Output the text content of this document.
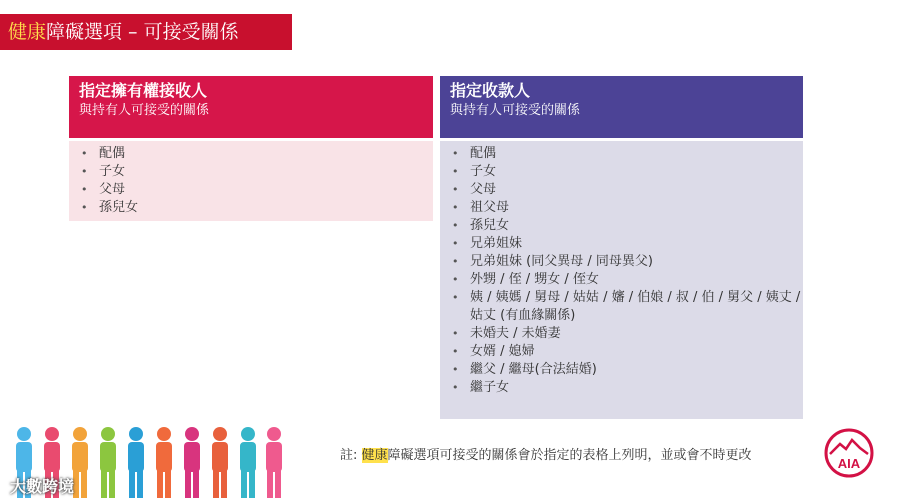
健康障礙選項 – 可接受關係
指定擁有權接收人
與持有人可接受的關係
• 配偶
• 子女
• 父母
• 孫兒女
指定收款人
與持有人可接受的關係
• 配偶
• 子女
• 父母
• 祖父母
• 孫兒女
• 兄弟姐妹
• 兄弟姐妹 (同父異母 / 同母異父)
• 外甥 / 侄 / 甥女 / 侄女
• 姨 / 姨媽 / 舅母 / 姑姑 / 嬸 / 伯娘 / 叔 / 伯 / 舅父 / 姨丈 / 姑丈 (有血緣關係)
• 未婚夫 / 未婚妻
• 女婿 / 媳婦
• 繼父 / 繼母(合法結婚)
• 繼子女
大數跨境
註: 健康障礙選項可接受的關係會於指定的表格上列明，並或會不時更改
AIA
